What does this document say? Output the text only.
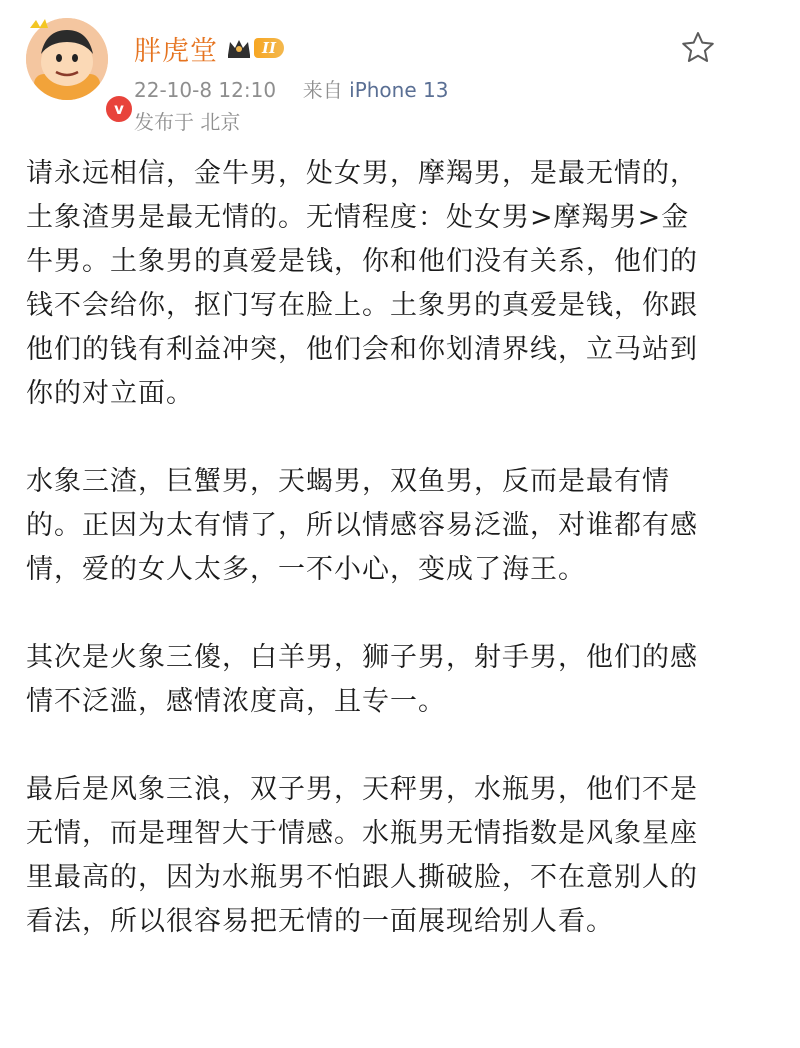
v
胖虎堂	II
22-10-8 12:10 来自 iPhone 13
发布于 北京

请永远相信，金牛男，处女男，摩羯男，是最无情的，土象渣男是最无情的。无情程度：处女男>摩羯男>金牛男。土象男的真爱是钱，你和他们没有关系，他们的钱不会给你，抠门写在脸上。土象男的真爱是钱，你跟他们的钱有利益冲突，他们会和你划清界线，立马站到你的对立面。

水象三渣，巨蟹男，天蝎男，双鱼男，反而是最有情的。正因为太有情了，所以情感容易泛滥，对谁都有感情，爱的女人太多，一不小心，变成了海王。

其次是火象三傻，白羊男，狮子男，射手男，他们的感情不泛滥，感情浓度高，且专一。

最后是风象三浪，双子男，天秤男，水瓶男，他们不是无情，而是理智大于情感。水瓶男无情指数是风象星座里最高的，因为水瓶男不怕跟人撕破脸，不在意别人的看法，所以很容易把无情的一面展现给别人看。
